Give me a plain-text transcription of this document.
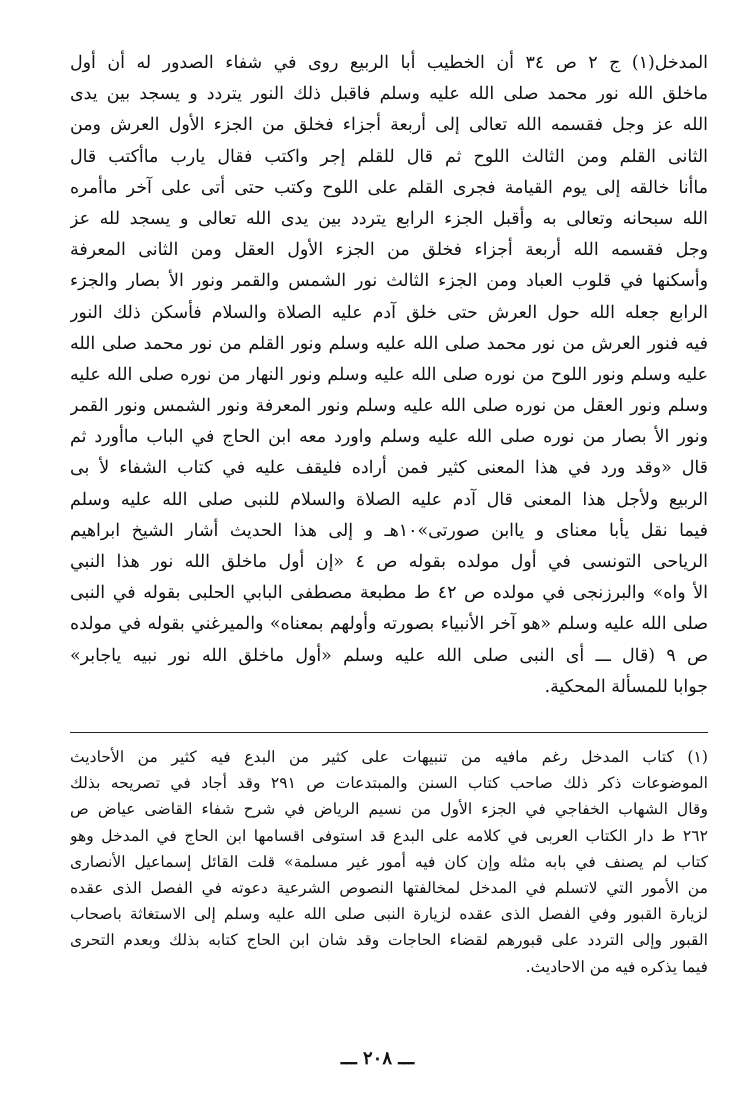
المدخل(١) ج ٢ ص ٣٤ أن الخطيب أبا الربيع روى في شفاء الصدور له أن أول
ماخلق الله نور محمد صلى الله عليه وسلم فاقبل ذلك النور يتردد و يسجد بين يدى
الله عز وجل فقسمه الله تعالى إلى أربعة أجزاء فخلق من الجزء الأول العرش ومن
الثانى القلم ومن الثالث اللوح ثم قال للقلم إجر واكتب فقال يارب ماأكتب قال
ماأنا خالقه إلى يوم القيامة فجرى القلم على اللوح وكتب حتى أتى على آخر ماأمره
الله سبحانه وتعالى به وأقبل الجزء الرابع يتردد بين يدى الله تعالى و يسجد لله عز
وجل فقسمه الله أربعة أجزاء فخلق من الجزء الأول العقل ومن الثانى المعرفة
وأسكنها في قلوب العباد ومن الجزء الثالث نور الشمس والقمر ونور الأ بصار والجزء
الرابع جعله الله حول العرش حتى خلق آدم عليه الصلاة والسلام فأسكن ذلك النور
فيه فنور العرش من نور محمد صلى الله عليه وسلم ونور القلم من نور محمد صلى الله
عليه وسلم ونور اللوح من نوره صلى الله عليه وسلم ونور النهار من نوره صلى الله عليه
وسلم ونور العقل من نوره صلى الله عليه وسلم ونور المعرفة ونور الشمس ونور القمر
ونور الأ بصار من نوره صلى الله عليه وسلم واورد معه ابن الحاج في الباب ماأورد ثم
قال «وقد ورد في هذا المعنى كثير فمن أراده فليقف عليه في كتاب الشفاء لأ بى
الربيع ولأجل هذا المعنى قال آدم عليه الصلاة والسلام للنبى صلى الله عليه وسلم
فيما نقل يأبا معناى و ياابن صورتى»١٠هـ و إلى هذا الحديث أشار الشيخ ابراهيم
الرياحى التونسى في أول مولده بقوله ص ٤ «إن أول ماخلق الله نور هذا النبي
الأ واه» والبرزنجى في مولده ص ٤٢ ط مطبعة مصطفى البابي الحلبى بقوله في النبى
صلى الله عليه وسلم «هو آخر الأنبياء بصورته وأولهم بمعناه» والميرغني بقوله في مولده
ص ٩ (قال ـــ أى النبى صلى الله عليه وسلم «أول ماخلق الله نور نبيه ياجابر»
جوابا للمسألة المحكية.
(١) كتاب المدخل رغم مافيه من تنبيهات على كثير من البدع فيه كثير من الأحاديث
الموضوعات ذكر ذلك صاحب كتاب السنن والمبتدعات ص ٢٩١ وقد أجاد في تصريحه بذلك
وقال الشهاب الخفاجي في الجزء الأول من نسيم الرياض في شرح شفاء القاضى عياض ص
٢٦٢ ط دار الكتاب العربى في كلامه على البدع قد استوفى اقسامها ابن الحاج في المدخل وهو
كتاب لم يصنف في بابه مثله وإن كان فيه أمور غير مسلمة» قلت القائل إسماعيل الأنصارى
من الأمور التي لاتسلم في المدخل لمخالفتها النصوص الشرعية دعوته في الفصل الذى عقده
لزيارة القبور وفي الفصل الذى عقده لزيارة النبى صلى الله عليه وسلم إلى الاستغاثة باصحاب
القبور وإلى التردد على قبورهم لقضاء الحاجات وقد شان ابن الحاج كتابه بذلك وبعدم التحرى
فيما يذكره فيه من الاحاديث.
ـــ ٢٠٨ ـــ
